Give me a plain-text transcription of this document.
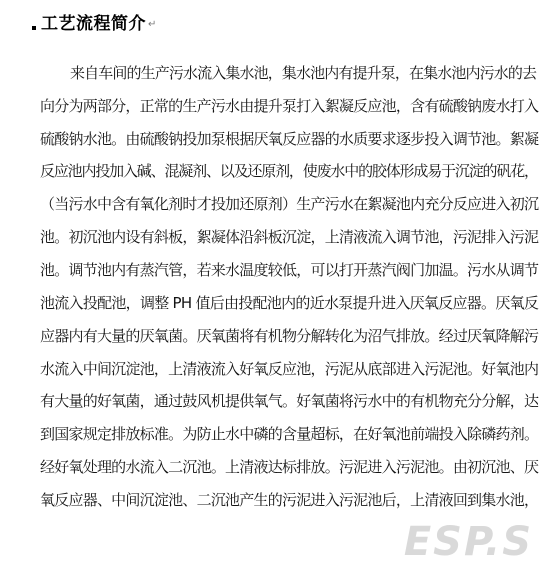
工艺流程简介 ↵
来自车间的生产污水流入集水池，集水池内有提升泵，在集水池内污水的去
向分为两部分，正常的生产污水由提升泵打入絮凝反应池，含有硫酸钠废水打入
硫酸钠水池。由硫酸钠投加泵根据厌氧反应器的水质要求逐步投入调节池。絮凝
反应池内投加入碱、混凝剂、以及还原剂，使废水中的胶体形成易于沉淀的矾花，
（当污水中含有氧化剂时才投加还原剂）生产污水在絮凝池内充分反应进入初沉
池。初沉池内设有斜板，絮凝体沿斜板沉淀，上清液流入调节池，污泥排入污泥
池。调节池内有蒸汽管，若来水温度较低，可以打开蒸汽阀门加温。污水从调节
池流入投配池，调整 PH 值后由投配池内的近水泵提升进入厌氧反应器。厌氧反
应器内有大量的厌氧菌。厌氧菌将有机物分解转化为沼气排放。经过厌氧降解污
水流入中间沉淀池，上清液流入好氧反应池，污泥从底部进入污泥池。好氧池内
有大量的好氧菌，通过鼓风机提供氧气。好氧菌将污水中的有机物充分分解，达
到国家规定排放标准。为防止水中磷的含量超标，在好氧池前端投入除磷药剂。
经好氧处理的水流入二沉池。上清液达标排放。污泥进入污泥池。由初沉池、厌
氧反应器、中间沉淀池、二沉池产生的污泥进入污泥池后，上清液回到集水池，
ESP.S
